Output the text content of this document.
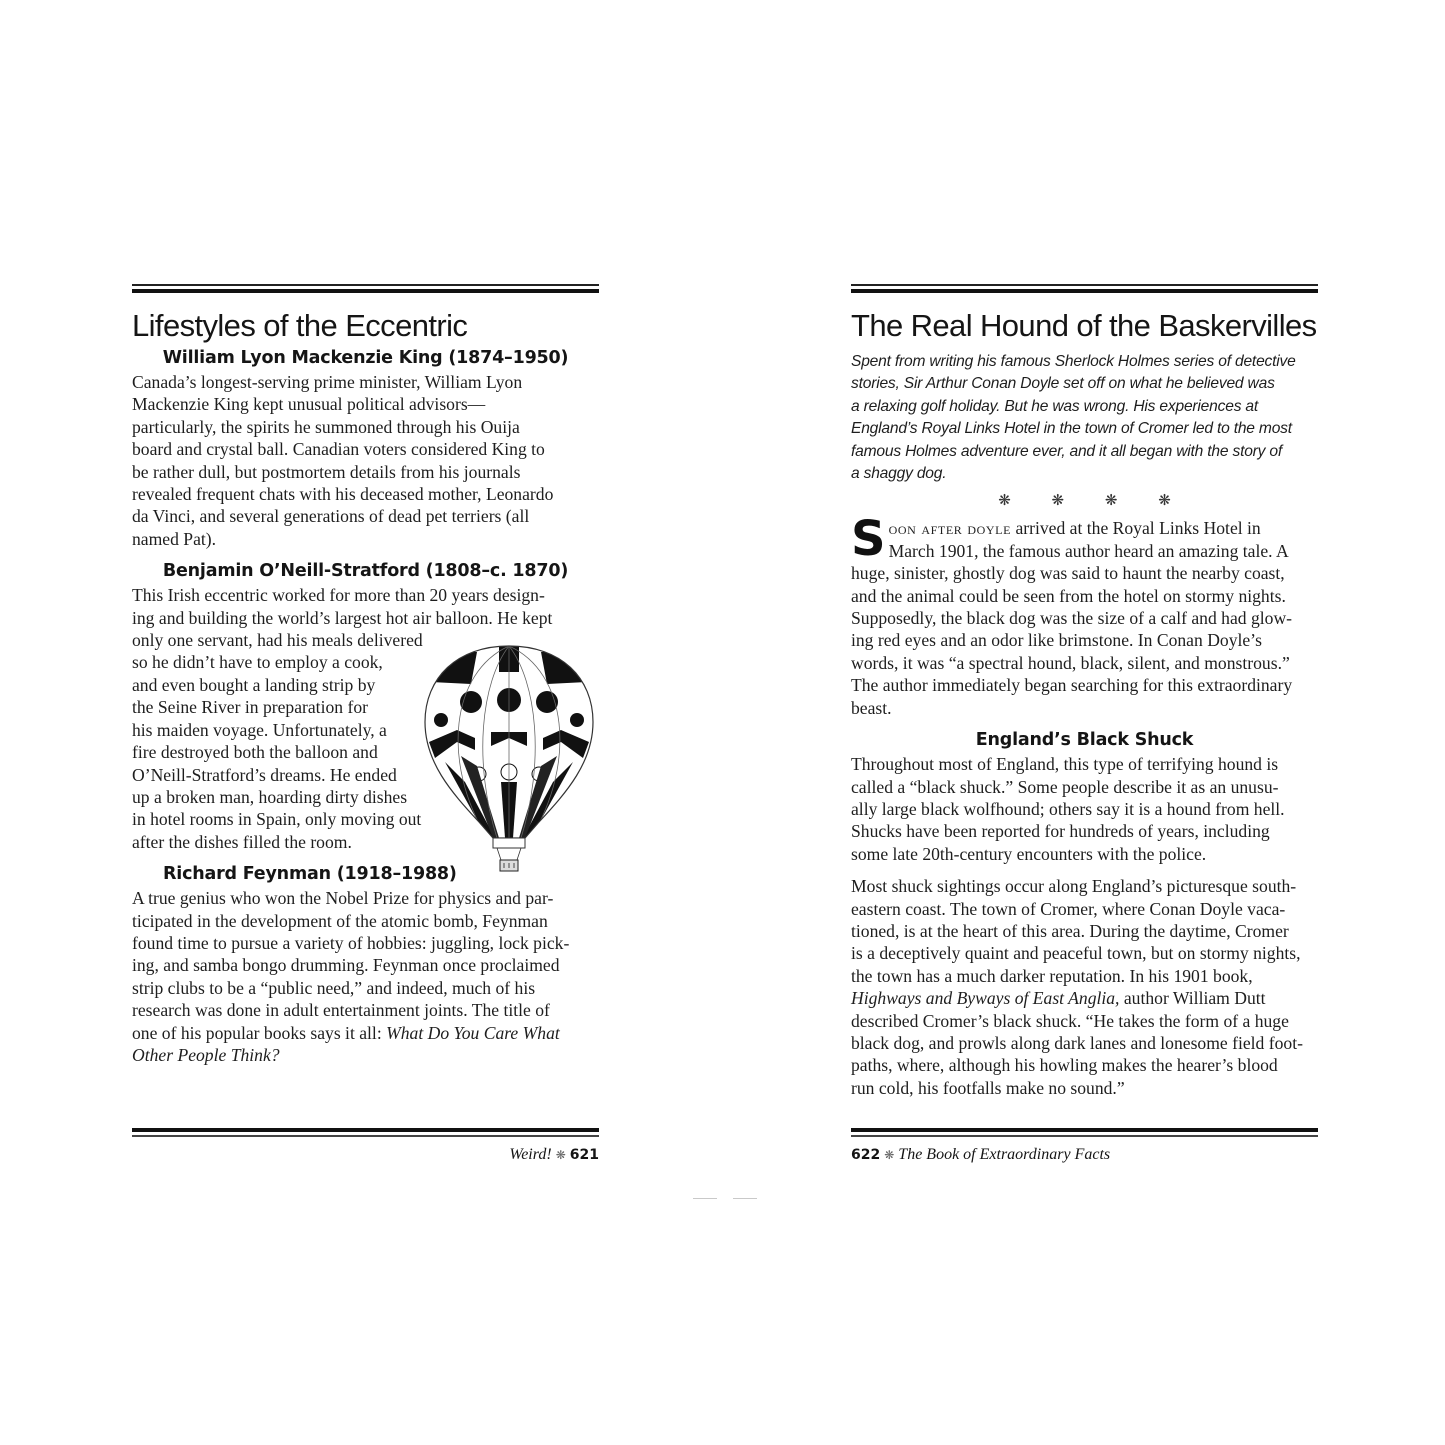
Lifestyles of the Eccentric
William Lyon Mackenzie King (1874–1950)

Canada’s longest-serving prime minister, William Lyon
Mackenzie King kept unusual political advisors—
particularly, the spirits he summoned through his Ouija
board and crystal ball. Canadian voters considered King to
be rather dull, but postmortem details from his journals
revealed frequent chats with his deceased mother, Leonardo
da Vinci, and several generations of dead pet terriers (all
named Pat).

Benjamin O’Neill-Stratford (1808–c. 1870)

This Irish eccentric worked for more than 20 years design-
ing and building the world’s largest hot air balloon. He kept
only one servant, had his meals delivered
so he didn’t have to employ a cook,
and even bought a landing strip by
the Seine River in preparation for
his maiden voyage. Unfortunately, a
fire destroyed both the balloon and
O’Neill-Stratford’s dreams. He ended
up a broken man, hoarding dirty dishes
in hotel rooms in Spain, only moving out
after the dishes filled the room.

Richard Feynman (1918–1988)

A true genius who won the Nobel Prize for physics and par-
ticipated in the development of the atomic bomb, Feynman
found time to pursue a variety of hobbies: juggling, lock pick-
ing, and samba bongo drumming. Feynman once proclaimed
strip clubs to be a “public need,” and indeed, much of his
research was done in adult entertainment joints. The title of
one of his popular books says it all: What Do You Care What
Other People Think?

Weird! ❋ 621
The Real Hound of the Baskervilles

Spent from writing his famous Sherlock Holmes series of detective
stories, Sir Arthur Conan Doyle set off on what he believed was
a relaxing golf holiday. But he was wrong. His experiences at
England’s Royal Links Hotel in the town of Cromer led to the most
famous Holmes adventure ever, and it all began with the story of
a shaggy dog.

❋ ❋ ❋ ❋

S oon after doyle arrived at the Royal Links Hotel in
March 1901, the famous author heard an amazing tale. A
huge, sinister, ghostly dog was said to haunt the nearby coast,
and the animal could be seen from the hotel on stormy nights.
Supposedly, the black dog was the size of a calf and had glow-
ing red eyes and an odor like brimstone. In Conan Doyle’s
words, it was “a spectral hound, black, silent, and monstrous.”
The author immediately began searching for this extraordinary
beast.

England’s Black Shuck

Throughout most of England, this type of terrifying hound is
called a “black shuck.” Some people describe it as an unusu-
ally large black wolfhound; others say it is a hound from hell.
Shucks have been reported for hundreds of years, including
some late 20th-century encounters with the police.

Most shuck sightings occur along England’s picturesque south-
eastern coast. The town of Cromer, where Conan Doyle vaca-
tioned, is at the heart of this area. During the daytime, Cromer
is a deceptively quaint and peaceful town, but on stormy nights,
the town has a much darker reputation. In his 1901 book,
Highways and Byways of East Anglia, author William Dutt
described Cromer’s black shuck. “He takes the form of a huge
black dog, and prowls along dark lanes and lonesome field foot-
paths, where, although his howling makes the hearer’s blood
run cold, his footfalls make no sound.”

622 ❋ The Book of Extraordinary Facts
